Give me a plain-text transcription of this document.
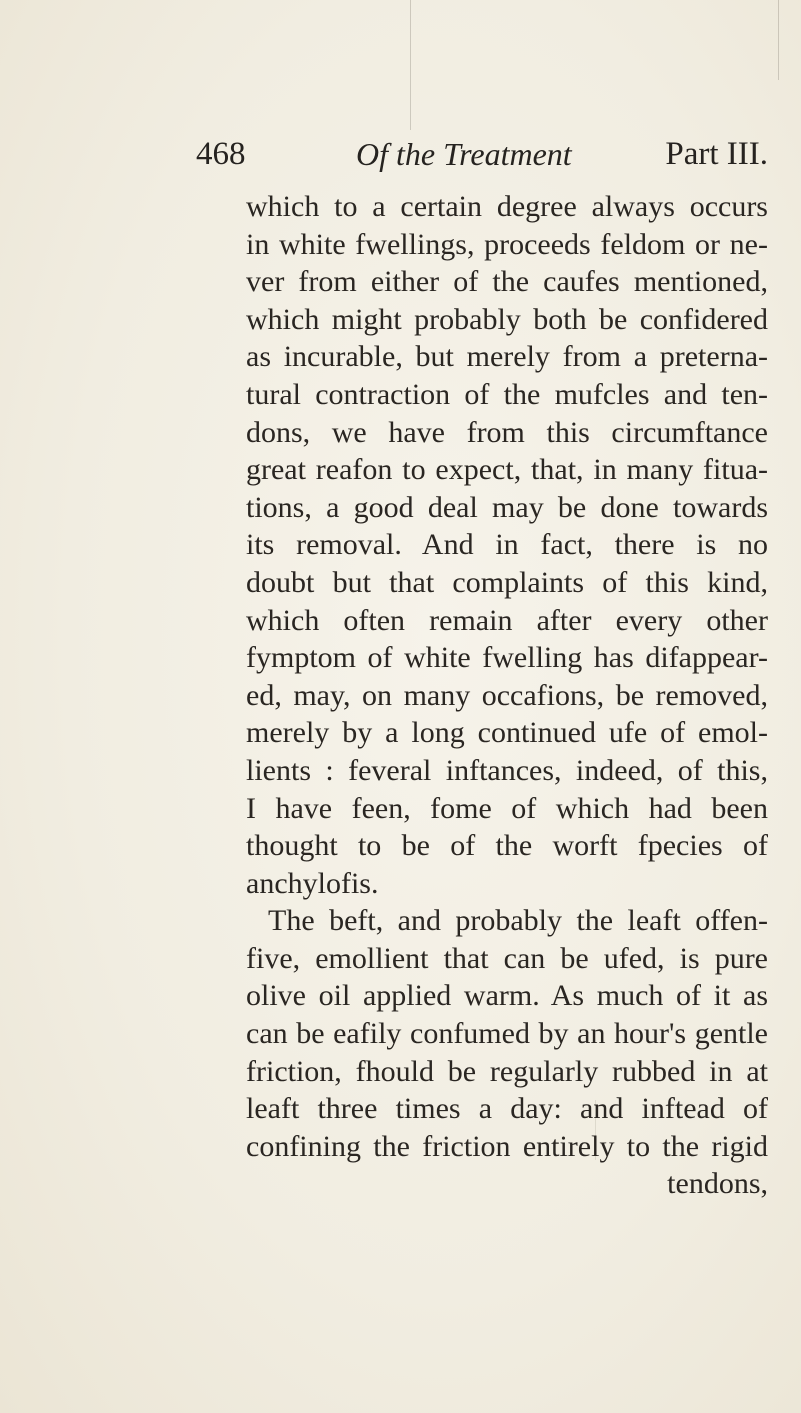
468	Of the Treatment	Part III.
which to a certain degree always occurs
in white fwellings, proceeds feldom or ne-
ver from either of the caufes mentioned,
which might probably both be confidered
as incurable, but merely from a preterna-
tural contraction of the mufcles and ten-
dons, we have from this circumftance
great reafon to expect, that, in many fitua-
tions, a good deal may be done towards
its removal. And in fact, there is no
doubt but that complaints of this kind,
which often remain after every other
fymptom of white fwelling has difappear-
ed, may, on many occafions, be removed,
merely by a long continued ufe of emol-
lients : feveral inftances, indeed, of this,
I have feen, fome of which had been
thought to be of the worft fpecies of
anchylofis.
The beft, and probably the leaft offen-
five, emollient that can be ufed, is pure
olive oil applied warm. As much of it as
can be eafily confumed by an hour's gentle
friction, fhould be regularly rubbed in at
leaft three times a day: and inftead of
confining the friction entirely to the rigid
tendons,
